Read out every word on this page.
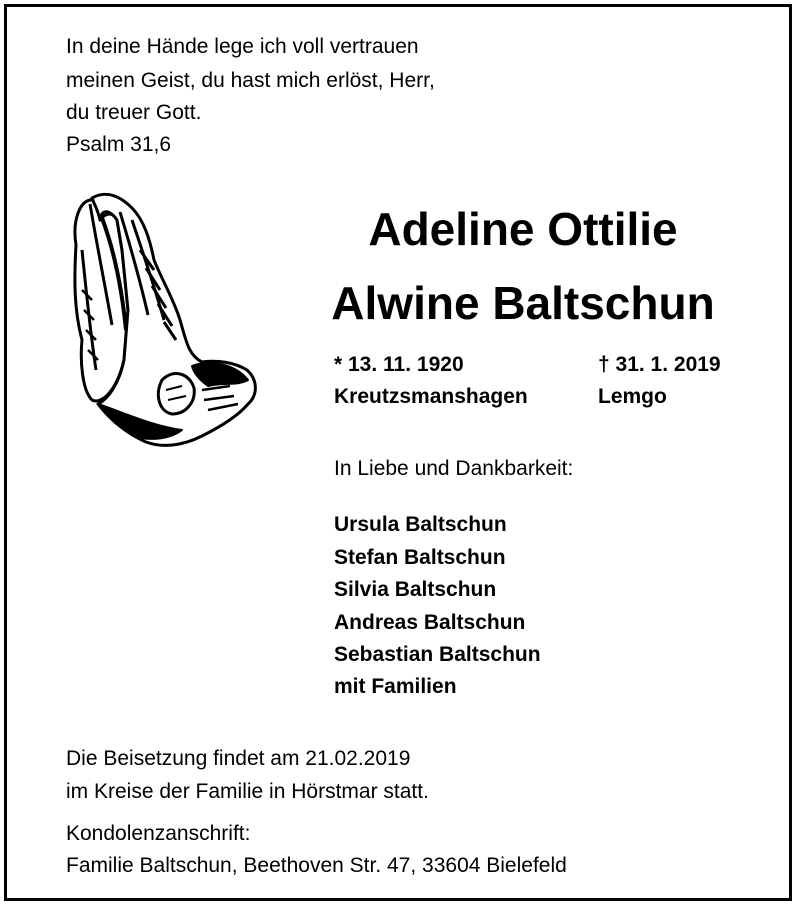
In deine Hände lege ich voll vertrauen
meinen Geist, du hast mich erlöst, Herr,
du treuer Gott.
Psalm 31,6
Adeline Ottilie
Alwine Baltschun
* 13. 11. 1920
Kreutzsmanshagen
† 31. 1. 2019
Lemgo
In Liebe und Dankbarkeit:
Ursula Baltschun
Stefan Baltschun
Silvia Baltschun
Andreas Baltschun
Sebastian Baltschun
mit Familien
Die Beisetzung findet am 21.02.2019
im Kreise der Familie in Hörstmar statt.
Kondolenzanschrift:
Familie Baltschun, Beethoven Str. 47, 33604 Bielefeld
